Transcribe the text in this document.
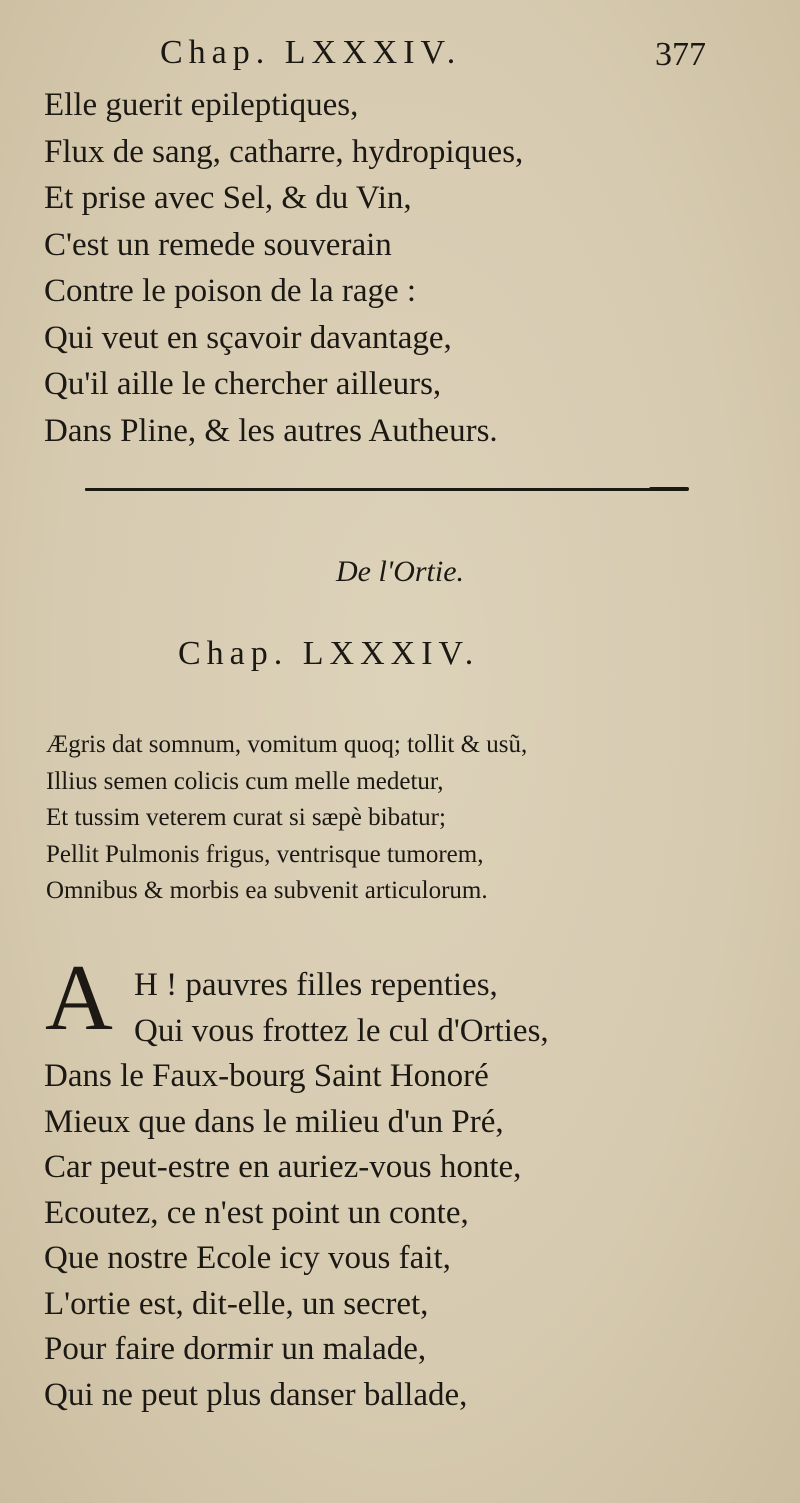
Chap. LXXXIV.	377
Elle guerit epileptiques,
Flux de sang, catharre, hydropiques,
Et prise avec Sel, & du Vin,
C'est un remede souverain
Contre le poison de la rage :
Qui veut en sçavoir davantage,
Qu'il aille le chercher ailleurs,
Dans Pline, & les autres Autheurs.
De l'Ortie.
Chap. LXXXIV.
Ægris dat somnum, vomitum quoq; tollit & usũ,
Illius semen colicis cum melle medetur,
Et tussim veterem curat si sæpè bibatur;
Pellit Pulmonis frigus, ventrisque tumorem,
Omnibus & morbis ea subvenit articulorum.
A H ! pauvres filles repenties,
Qui vous frottez le cul d'Orties,
Dans le Faux-bourg Saint Honoré
Mieux que dans le milieu d'un Pré,
Car peut-estre en auriez-vous honte,
Ecoutez, ce n'est point un conte,
Que nostre Ecole icy vous fait,
L'ortie est, dit-elle, un secret,
Pour faire dormir un malade,
Qui ne peut plus danser ballade,
